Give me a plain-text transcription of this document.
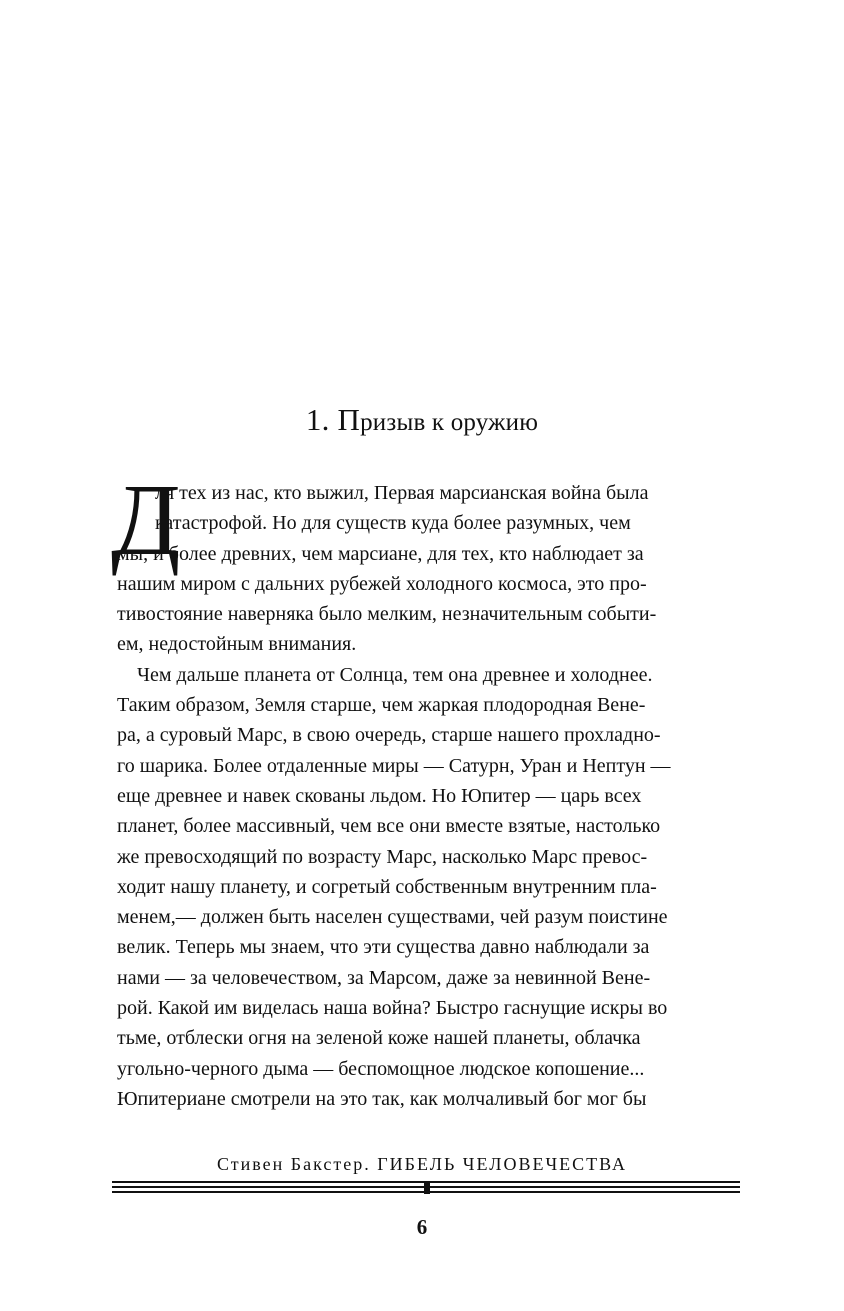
1. Призыв к оружию
Д
ля тех из нас, кто выжил, Первая марсианская война была
катастрофой. Но для существ куда более разумных, чем
мы, и более древних, чем марсиане, для тех, кто наблюдает за
нашим миром с дальних рубежей холодного космоса, это про-
тивостояние наверняка было мелким, незначительным событи-
ем, недостойным внимания.
Чем дальше планета от Солнца, тем она древнее и холоднее.
Таким образом, Земля старше, чем жаркая плодородная Вене-
ра, а суровый Марс, в свою очередь, старше нашего прохладно-
го шарика. Более отдаленные миры — Сатурн, Уран и Нептун —
еще древнее и навек скованы льдом. Но Юпитер — царь всех
планет, более массивный, чем все они вместе взятые, настолько
же превосходящий по возрасту Марс, насколько Марс превос-
ходит нашу планету, и согретый собственным внутренним пла-
менем,— должен быть населен существами, чей разум поистине
велик. Теперь мы знаем, что эти существа давно наблюдали за
нами — за человечеством, за Марсом, даже за невинной Вене-
рой. Какой им виделась наша война? Быстро гаснущие искры во
тьме, отблески огня на зеленой коже нашей планеты, облачка
угольно-черного дыма — беспомощное людское копошение...
Юпитериане смотрели на это так, как молчаливый бог мог бы
Стивен Бакстер. ГИБЕЛЬ ЧЕЛОВЕЧЕСТВА
6
